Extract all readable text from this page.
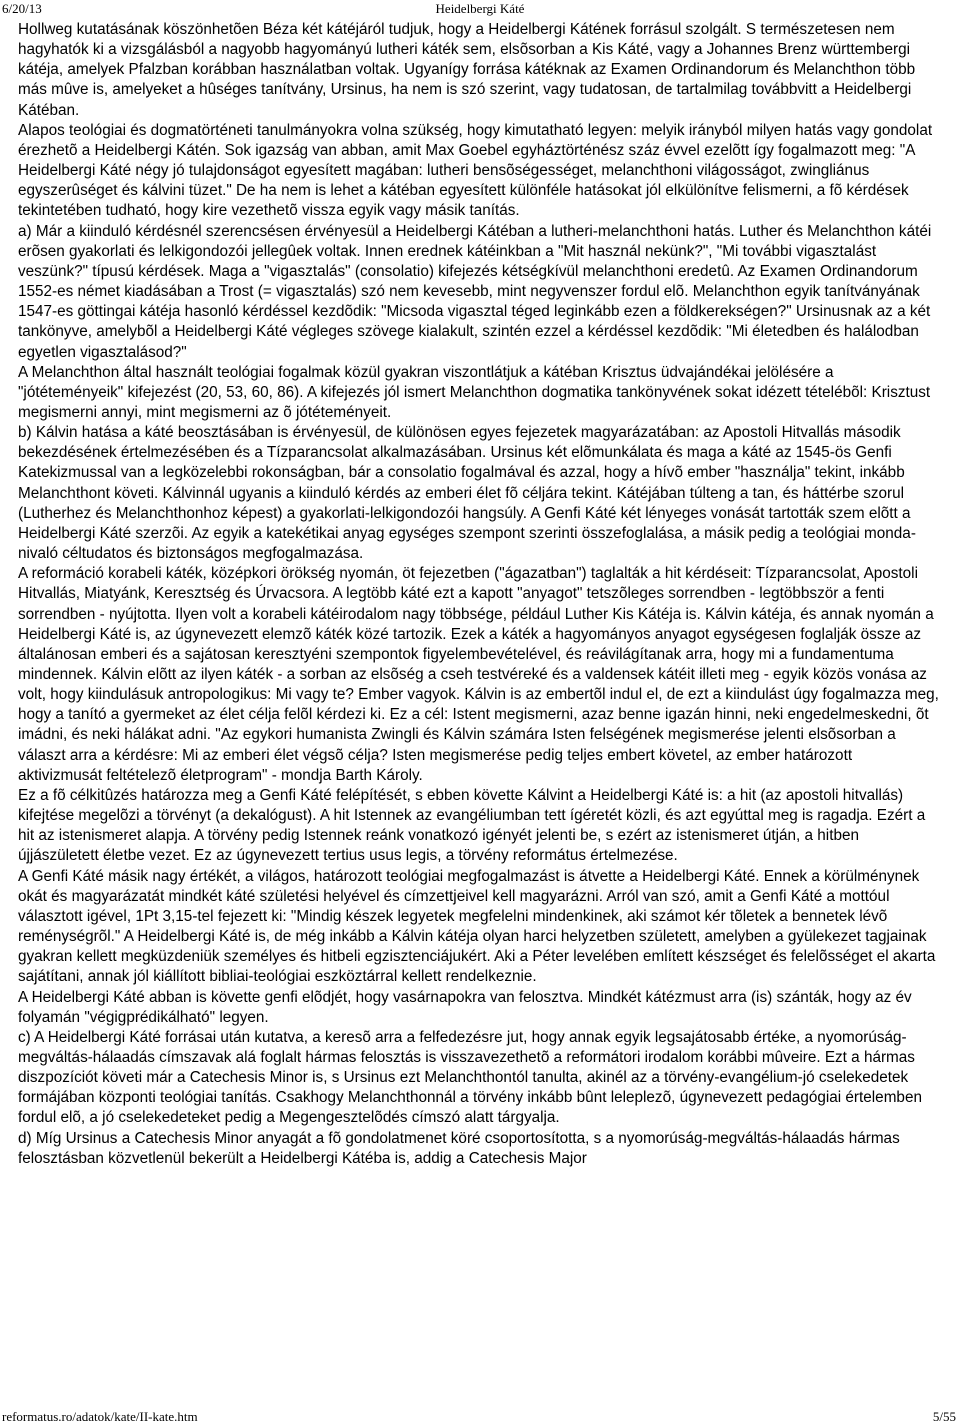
6/20/13	Heidelbergi Káté

Hollweg kutatásának köszönhetõen Béza két kátéjáról tudjuk, hogy a Heidelbergi Kátének forrásul szolgált. S természetesen nem hagyhatók ki a vizsgálásból a nagyobb hagyományú lutheri káték sem, elsõsorban a Kis Káté, vagy a Johannes Brenz württembergi kátéja, amelyek Pfalzban korábban használatban voltak. Ugyanígy forrása kátéknak az Examen Ordinandorum és Melanchthon több más mûve is, amelyeket a hûséges tanítvány, Ursinus, ha nem is szó szerint, vagy tudatosan, de tartalmilag továbbvitt a Heidelbergi Kátéban.

Alapos teológiai és dogmatörténeti tanulmányokra volna szükség, hogy kimutatható legyen: melyik irányból milyen hatás vagy gondolat érezhetõ a Heidelbergi Kátén. Sok igazság van abban, amit Max Goebel egyháztörténész száz évvel ezelõtt így fogalmazott meg: "A Heidelbergi Káté négy jó tulajdonságot egyesített magában: lutheri bensõségességet, melanchthoni világosságot, zwingliánus egyszerûséget és kálvini tüzet." De ha nem is lehet a kátéban egyesített különféle hatásokat jól elkülönítve felismerni, a fõ kérdések tekintetében tudható, hogy kire vezethetõ vissza egyik vagy másik tanítás.

a) Már a kiinduló kérdésnél szerencsésen érvényesül a Heidelbergi Kátéban a lutheri-melanchthoni hatás. Luther és Melanchthon kátéi erõsen gyakorlati és lelkigondozói jellegûek voltak. Innen erednek kátéinkban a "Mit használ nekünk?", "Mi további vigasztalást veszünk?" típusú kérdések. Maga a "vigasztalás" (consolatio) kifejezés kétségkívül melanchthoni eredetû. Az Examen Ordinandorum 1552-es német kiadásában a Trost (= vigasztalás) szó nem kevesebb, mint negyvenszer fordul elõ. Melanchthon egyik tanítványának 1547-es göttingai kátéja hasonló kérdéssel kezdõdik: "Micsoda vigasztal téged leginkább ezen a földkerekségen?" Ursinusnak az a két tankönyve, amelybõl a Heidelbergi Káté végleges szövege kialakult, szintén ezzel a kérdéssel kezdõdik: "Mi életedben és halálodban egyetlen vigasztalásod?"

A Melanchthon által használt teológiai fogalmak közül gyakran viszontlátjuk a kátéban Krisztus üdvajándékai jelölésére a "jótéteményeik" kifejezést (20, 53, 60, 86). A kifejezés jól ismert Melanchthon dogmatika tankönyvének sokat idézett tételébõl: Krisztust megismerni annyi, mint megismerni az õ jótéteményeit.

b) Kálvin hatása a káté beosztásában is érvényesül, de különösen egyes fejezetek magyarázatában: az Apostoli Hitvallás második bekezdésének értelmezésében és a Tízparancsolat alkalmazásában. Ursinus két elõmunkálata és maga a káté az 1545-ös Genfi Katekizmussal van a legközelebbi rokonságban, bár a consolatio fogalmával és azzal, hogy a hívõ ember "használja" tekint, inkább Melanchthont követi. Kálvinnál ugyanis a kiinduló kérdés az emberi élet fõ céljára tekint. Kátéjában túlteng a tan, és háttérbe szorul (Lutherhez és Melanchthonhoz képest) a gyakorlati-lelkigondozói hangsúly. A Genfi Káté két lényeges vonását tartották szem elõtt a Heidelbergi Káté szerzõi. Az egyik a katekétikai anyag egységes szempont szerinti összefoglalása, a másik pedig a teológiai monda-nivaló céltudatos és biztonságos megfogalmazása.

A reformáció korabeli káték, középkori örökség nyomán, öt fejezetben ("ágazatban") taglalták a hit kérdéseit: Tízparancsolat, Apostoli Hitvallás, Miatyánk, Keresztség és Úrvacsora. A legtöbb káté ezt a kapott "anyagot" tetszõleges sorrendben - legtöbbször a fenti sorrendben - nyújtotta. Ilyen volt a korabeli kátéirodalom nagy többsége, például Luther Kis Kátéja is. Kálvin kátéja, és annak nyomán a Heidelbergi Káté is, az úgynevezett elemzõ káték közé tartozik. Ezek a káték a hagyományos anyagot egységesen foglalják össze az általánosan emberi és a sajátosan keresztyéni szempontok figyelembevételével, és reávilágítanak arra, hogy mi a fundamentuma mindennek. Kálvin elõtt az ilyen káték - a sorban az elsõség a cseh testvéreké és a valdensek kátéit illeti meg - egyik közös vonása az volt, hogy kiindulásuk antropologikus: Mi vagy te? Ember vagyok. Kálvin is az embertõl indul el, de ezt a kiindulást úgy fogalmazza meg, hogy a tanító a gyermeket az élet célja felõl kérdezi ki. Ez a cél: Istent megismerni, azaz benne igazán hinni, neki engedelmeskedni, õt imádni, és neki hálákat adni. "Az egykori humanista Zwingli és Kálvin számára Isten felségének megismerése jelenti elsõsorban a választ arra a kérdésre: Mi az emberi élet végsõ célja? Isten megismerése pedig teljes embert követel, az ember határozott aktivizmusát feltételezõ életprogram" - mondja Barth Károly.

Ez a fõ célkitûzés határozza meg a Genfi Káté felépítését, s ebben követte Kálvint a Heidelbergi Káté is: a hit (az apostoli hitvallás) kifejtése megelõzi a törvényt (a dekalógust). A hit Istennek az evangéliumban tett ígéretét közli, és azt egyúttal meg is ragadja. Ezért a hit az istenismeret alapja. A törvény pedig Istennek reánk vonatkozó igényét jelenti be, s ezért az istenismeret útján, a hitben újjászületett életbe vezet. Ez az úgynevezett tertius usus legis, a törvény református értelmezése.

A Genfi Káté másik nagy értékét, a világos, határozott teológiai megfogalmazást is átvette a Heidelbergi Káté. Ennek a körülménynek okát és magyarázatát mindkét káté születési helyével és címzettjeivel kell magyarázni. Arról van szó, amit a Genfi Káté a mottóul választott igével, 1Pt 3,15-tel fejezett ki: "Mindig készek legyetek megfelelni mindenkinek, aki számot kér tõletek a bennetek lévõ reménységrõl." A Heidelbergi Káté is, de még inkább a Kálvin kátéja olyan harci helyzetben született, amelyben a gyülekezet tagjainak gyakran kellett megküzdeniük személyes és hitbeli egzisztenciájukért. Aki a Péter levelében említett készséget és felelõsséget el akarta sajátítani, annak jól kiállított bibliai-teológiai eszköztárral kellett rendelkeznie.

A Heidelbergi Káté abban is követte genfi elõdjét, hogy vasárnapokra van felosztva. Mindkét kátézmust arra (is) szánták, hogy az év folyamán "végigprédikálható" legyen.

c) A Heidelbergi Káté forrásai után kutatva, a keresõ arra a felfedezésre jut, hogy annak egyik legsajátosabb értéke, a nyomorúság-megváltás-hálaadás címszavak alá foglalt hármas felosztás is visszavezethetõ a reformátori irodalom korábbi mûveire. Ezt a hármas diszpozíciót követi már a Catechesis Minor is, s Ursinus ezt Melanchthontól tanulta, akinél az a törvény-evangélium-jó cselekedetek formájában központi teológiai tanítás. Csakhogy Melanchthonnál a törvény inkább bûnt leleplezõ, úgynevezett pedagógiai értelemben fordul elõ, a jó cselekedeteket pedig a Megengesztelõdés címszó alatt tárgyalja.

d) Míg Ursinus a Catechesis Minor anyagát a fõ gondolatmenet köré csoportosította, s a nyomorúság-megváltás-hálaadás hármas felosztásban közvetlenül bekerült a Heidelbergi Kátéba is, addig a Catechesis Major

reformatus.ro/adatok/kate/II-kate.htm	5/55
